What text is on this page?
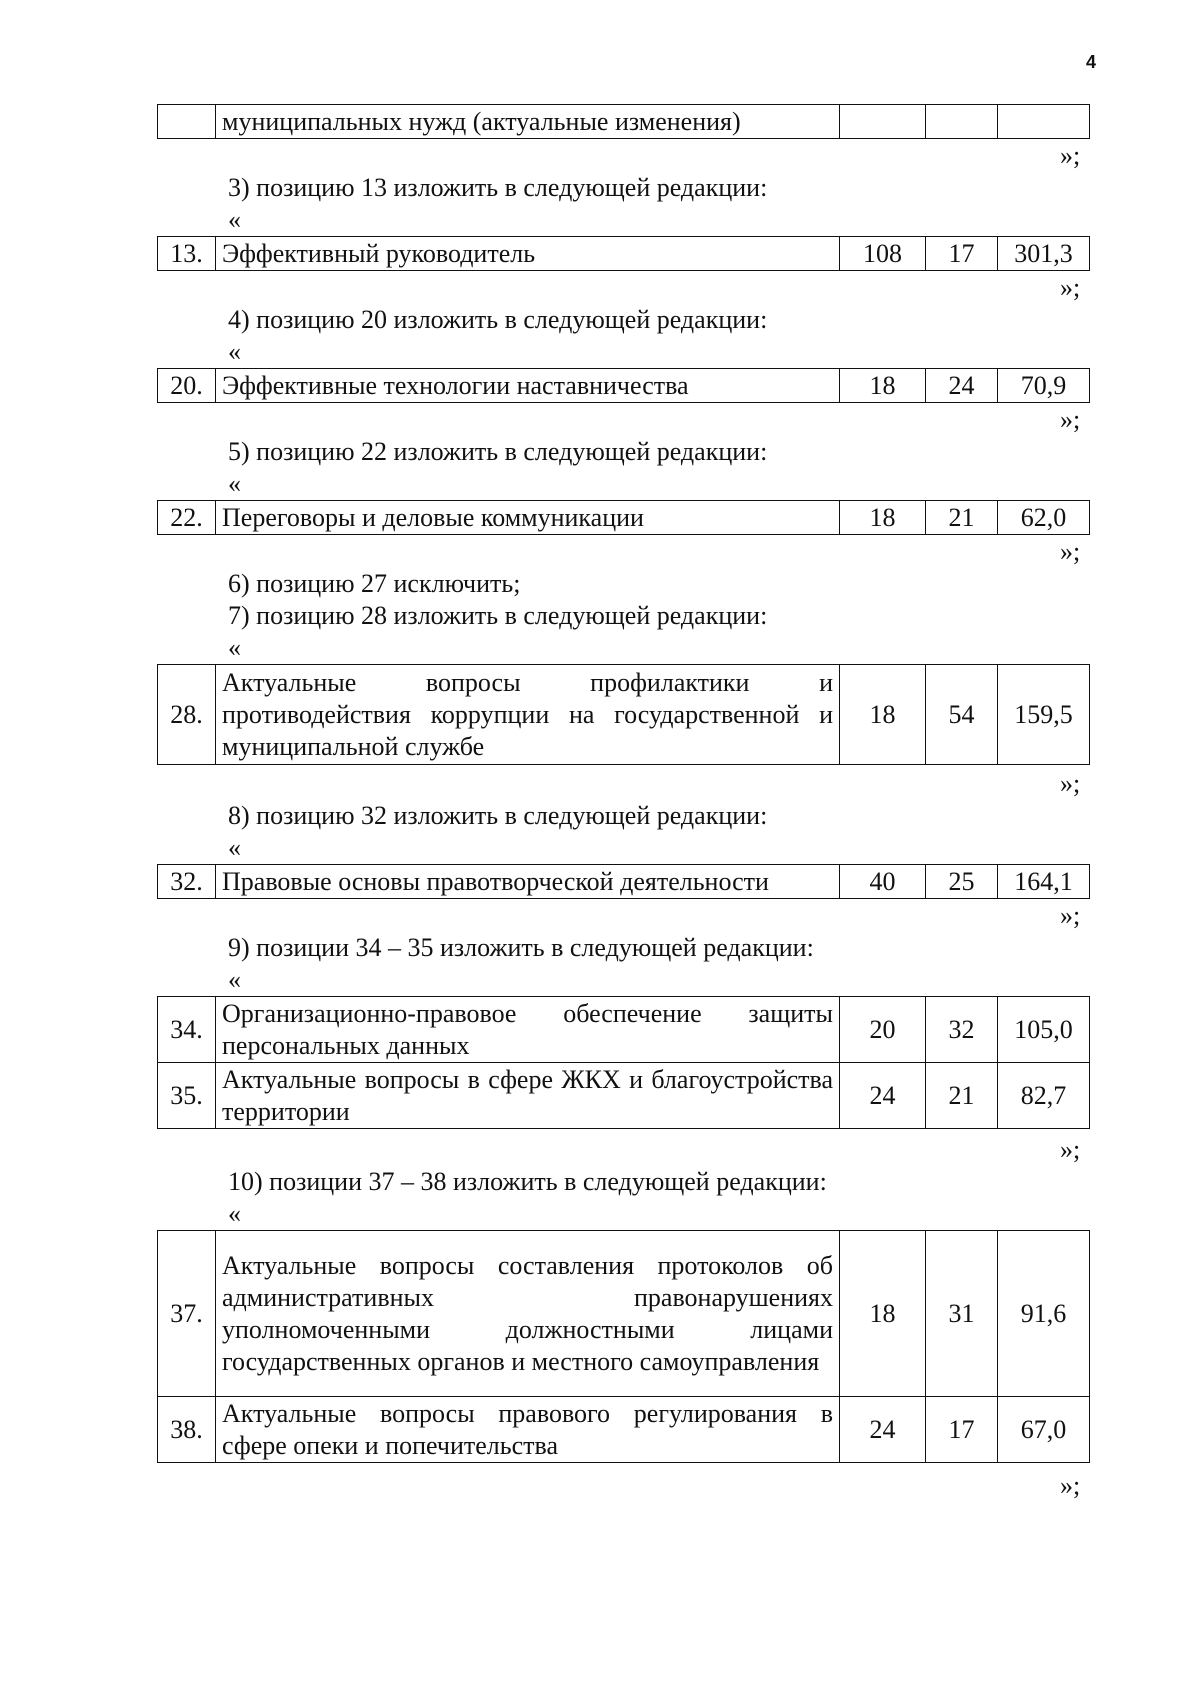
4
	муниципальных нужд (актуальные изменения)			
»;
3) позицию 13 изложить в следующей редакции:
«
13.	Эффективный руководитель	108	17	301,3
»;
4) позицию 20 изложить в следующей редакции:
«
20.	Эффективные технологии наставничества	18	24	70,9
»;
5) позицию 22 изложить в следующей редакции:
«
22.	Переговоры и деловые коммуникации	18	21	62,0
»;
6) позицию 27 исключить;
7) позицию 28 изложить в следующей редакции:
«
28.	Актуальные вопросы профилактики и противодействия коррупции на государственной и муниципальной службе	18	54	159,5
»;
8) позицию 32 изложить в следующей редакции:
«
32.	Правовые основы правотворческой деятельности	40	25	164,1
»;
9) позиции 34 – 35 изложить в следующей редакции:
«
34.	Организационно-правовое обеспечение защиты персональных данных	20	32	105,0
35.	Актуальные вопросы в сфере ЖКХ и благоустройства территории	24	21	82,7
»;
10) позиции 37 – 38 изложить в следующей редакции:
«
37.	Актуальные вопросы составления протоколов об административных правонарушениях уполномоченными должностными лицами государственных органов и местного самоуправления	18	31	91,6
38.	Актуальные вопросы правового регулирования в сфере опеки и попечительства	24	17	67,0
»;
